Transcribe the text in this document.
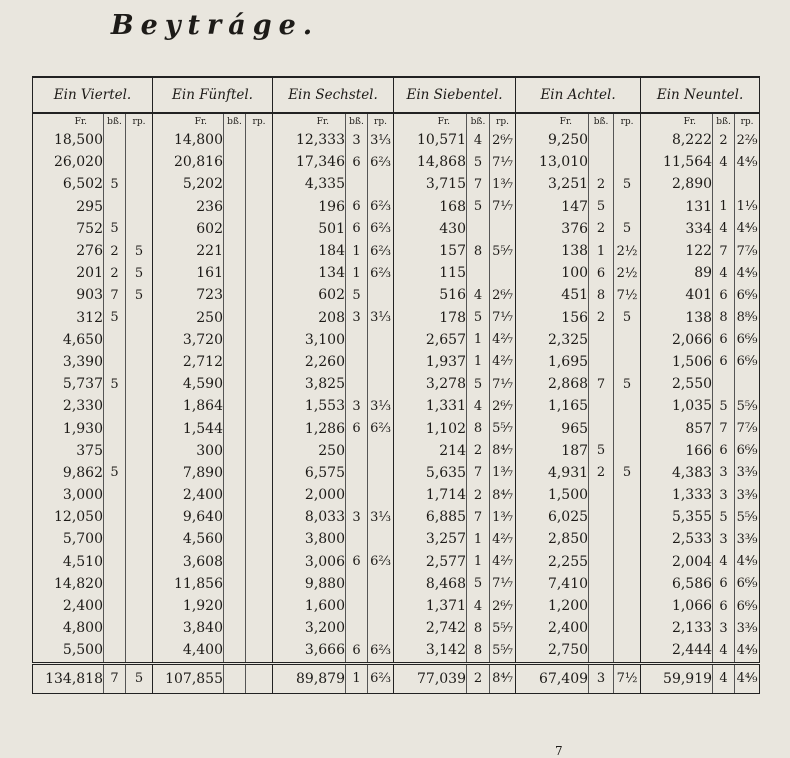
Beytráge.
Ein Viertel.			Ein Fünftel.			Ein Sechstel.			Ein Siebentel.			Ein Achtel.			Ein Neuntel.		
Fr.	bß.	rp.	Fr.	bß.	rp.	Fr.	bß.	rp.	Fr.	bß.	rp.	Fr.	bß.	rp.	Fr.	bß.	rp.
18,500			14,800			12,333	3	3⅓	10,571	4	2⁶⁄₇	9,250			8,222	2	2²⁄₉
26,020			20,816			17,346	6	6⅔	14,868	5	7¹⁄₇	13,010			11,564	4	4⁴⁄₉
6,502	5		5,202			4,335			3,715	7	1³⁄₇	3,251	2	5	2,890		
295			236			196	6	6⅔	168	5	7¹⁄₇	147	5		131	1	1¹⁄₉
752	5		602			501	6	6⅔	430			376	2	5	334	4	4⁴⁄₉
276	2	5	221			184	1	6⅔	157	8	5⁵⁄₇	138	1	2½	122	7	7⁷⁄₉
201	2	5	161			134	1	6⅔	115			100	6	2½	89	4	4⁴⁄₉
903	7	5	723			602	5		516	4	2⁶⁄₇	451	8	7½	401	6	6⁶⁄₉
312	5		250			208	3	3⅓	178	5	7¹⁄₇	156	2	5	138	8	8⁸⁄₉
4,650			3,720			3,100			2,657	1	4²⁄₇	2,325			2,066	6	6⁶⁄₉
3,390			2,712			2,260			1,937	1	4²⁄₇	1,695			1,506	6	6⁶⁄₉
5,737	5		4,590			3,825			3,278	5	7¹⁄₇	2,868	7	5	2,550		
2,330			1,864			1,553	3	3⅓	1,331	4	2⁶⁄₇	1,165			1,035	5	5⁵⁄₉
1,930			1,544			1,286	6	6⅔	1,102	8	5⁵⁄₇	965			857	7	7⁷⁄₉
375			300			250			214	2	8⁴⁄₇	187	5		166	6	6⁶⁄₉
9,862	5		7,890			6,575			5,635	7	1³⁄₇	4,931	2	5	4,383	3	3³⁄₉
3,000			2,400			2,000			1,714	2	8⁴⁄₇	1,500			1,333	3	3³⁄₉
12,050			9,640			8,033	3	3⅓	6,885	7	1³⁄₇	6,025			5,355	5	5⁵⁄₉
5,700			4,560			3,800			3,257	1	4²⁄₇	2,850			2,533	3	3³⁄₉
4,510			3,608			3,006	6	6⅔	2,577	1	4²⁄₇	2,255			2,004	4	4⁴⁄₉
14,820			11,856			9,880			8,468	5	7¹⁄₇	7,410			6,586	6	6⁶⁄₉
2,400			1,920			1,600			1,371	4	2⁶⁄₇	1,200			1,066	6	6⁶⁄₉
4,800			3,840			3,200			2,742	8	5⁵⁄₇	2,400			2,133	3	3³⁄₉
5,500			4,400			3,666	6	6⅔	3,142	8	5⁵⁄₇	2,750			2,444	4	4⁴⁄₉
134,818	7	5	107,855			89,879	1	6⅔	77,039	2	8⁴⁄₇	67,409	3	7½	59,919	4	4⁴⁄₉
7
